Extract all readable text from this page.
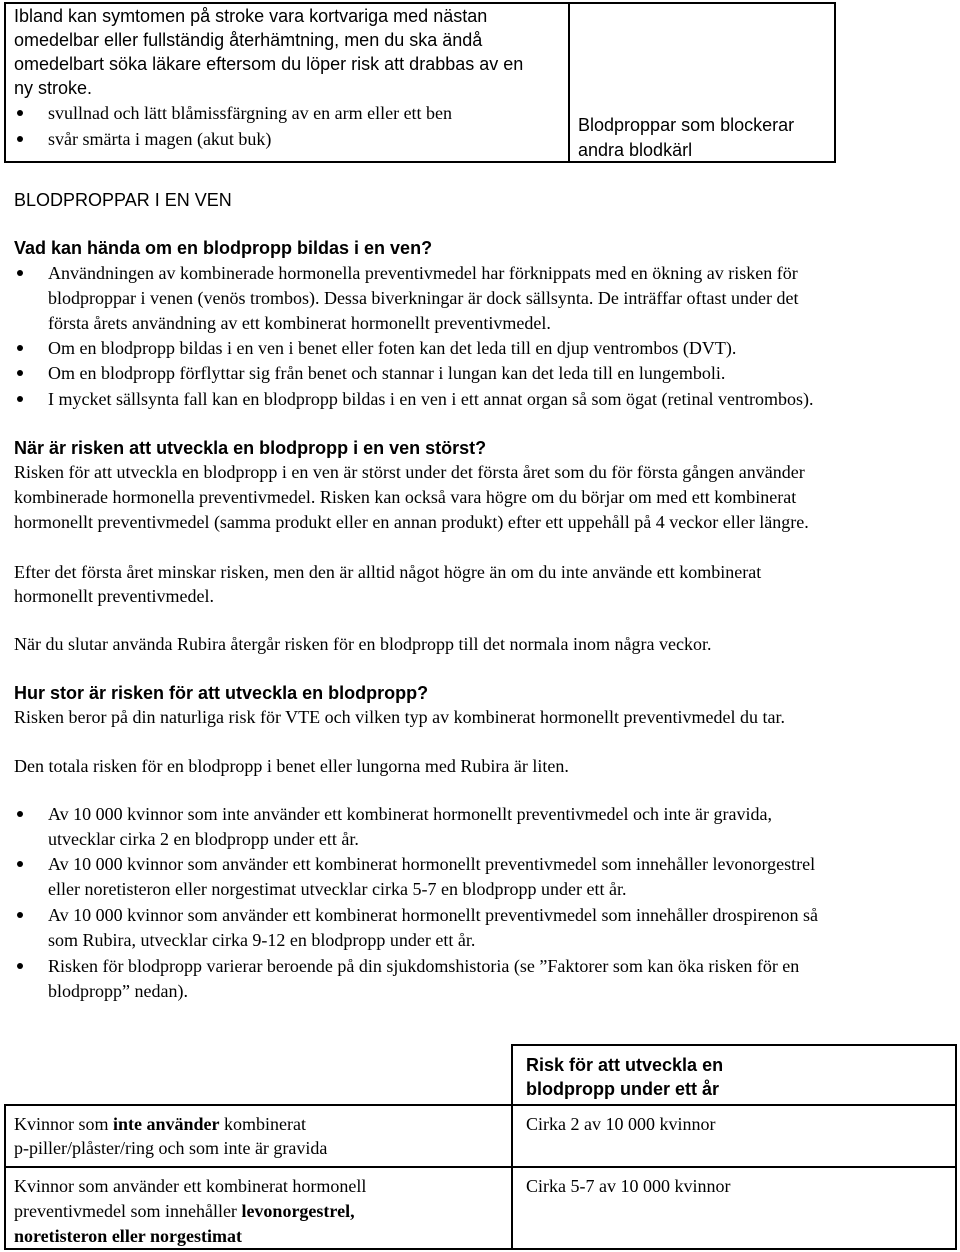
Ibland kan symtomen på stroke vara kortvariga med nästan
omedelbar eller fullständig återhämtning, men du ska ändå
omedelbart söka läkare eftersom du löper risk att drabbas av en
ny stroke.
svullnad och lätt blåmissfärgning av en arm eller ett ben
svår smärta i magen (akut buk)
Blodproppar som blockerar
andra blodkärl
BLODPROPPAR I EN VEN
Vad kan hända om en blodpropp bildas i en ven?
Användningen av kombinerade hormonella preventivmedel har förknippats med en ökning av risken för
blodproppar i venen (venös trombos). Dessa biverkningar är dock sällsynta. De inträffar oftast under det
första årets användning av ett kombinerat hormonellt preventivmedel.
Om en blodpropp bildas i en ven i benet eller foten kan det leda till en djup ventrombos (DVT).
Om en blodpropp förflyttar sig från benet och stannar i lungan kan det leda till en lungemboli.
I mycket sällsynta fall kan en blodpropp bildas i en ven i ett annat organ så som ögat (retinal ventrombos).
När är risken att utveckla en blodpropp i en ven störst?
Risken för att utveckla en blodpropp i en ven är störst under det första året som du för första gången använder
kombinerade hormonella preventivmedel. Risken kan också vara högre om du börjar om med ett kombinerat
hormonellt preventivmedel (samma produkt eller en annan produkt) efter ett uppehåll på 4 veckor eller längre.
Efter det första året minskar risken, men den är alltid något högre än om du inte använde ett kombinerat
hormonellt preventivmedel.
När du slutar använda Rubira återgår risken för en blodpropp till det normala inom några veckor.
Hur stor är risken för att utveckla en blodpropp?
Risken beror på din naturliga risk för VTE och vilken typ av kombinerat hormonellt preventivmedel du tar.
Den totala risken för en blodpropp i benet eller lungorna med Rubira är liten.
Av 10 000 kvinnor som inte använder ett kombinerat hormonellt preventivmedel och inte är gravida,
utvecklar cirka 2 en blodpropp under ett år.
Av 10 000 kvinnor som använder ett kombinerat hormonellt preventivmedel som innehåller levonorgestrel
eller noretisteron eller norgestimat utvecklar cirka 5-7 en blodpropp under ett år.
Av 10 000 kvinnor som använder ett kombinerat hormonellt preventivmedel som innehåller drospirenon så
som Rubira, utvecklar cirka 9-12 en blodpropp under ett år.
Risken för blodpropp varierar beroende på din sjukdomshistoria (se ”Faktorer som kan öka risken för en
blodpropp” nedan).
Risk för att utveckla en
blodpropp under ett år
Kvinnor som inte använder kombinerat
p-piller/plåster/ring och som inte är gravida
Cirka 2 av 10 000 kvinnor
Kvinnor som använder ett kombinerat hormonell
preventivmedel som innehåller levonorgestrel,
noretisteron eller norgestimat
Cirka 5-7 av 10 000 kvinnor
